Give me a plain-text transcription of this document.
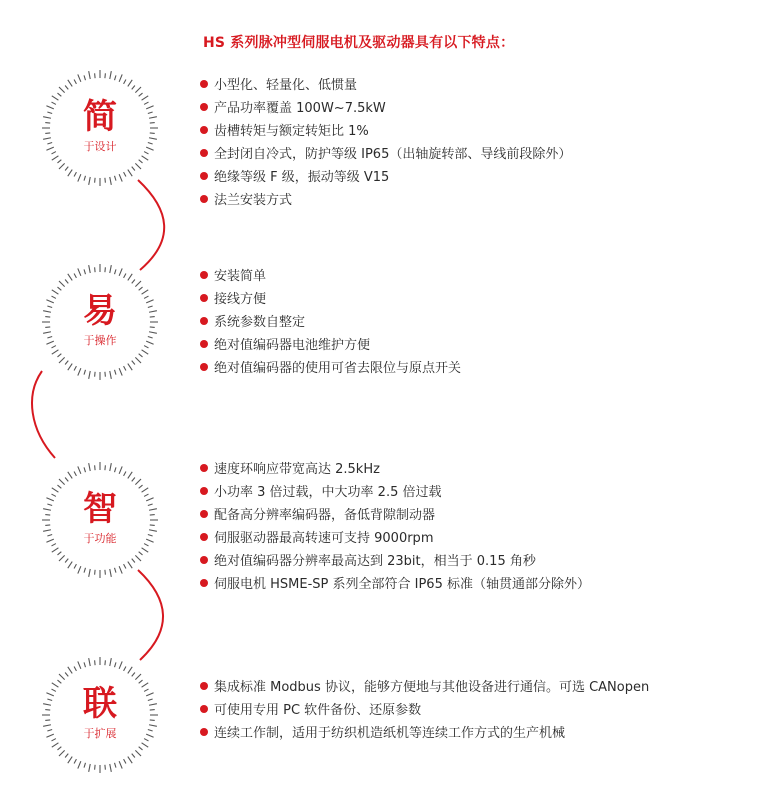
HS 系列脉冲型伺服电机及驱动器具有以下特点：
简
于设计
小型化、轻量化、低惯量
产品功率覆盖 100W~7.5kW
齿槽转矩与额定转矩比 1%
全封闭自冷式，防护等级 IP65（出轴旋转部、导线前段除外）
绝缘等级 F 级，振动等级 V15
法兰安装方式
易
于操作
安装简单
接线方便
系统参数自整定
绝对值编码器电池维护方便
绝对值编码器的使用可省去限位与原点开关
智
于功能
速度环响应带宽高达 2.5kHz
小功率 3 倍过载，中大功率 2.5 倍过载
配备高分辨率编码器，备低背隙制动器
伺服驱动器最高转速可支持 9000rpm
绝对值编码器分辨率最高达到 23bit，相当于 0.15 角秒
伺服电机 HSME-SP 系列全部符合 IP65 标准（轴贯通部分除外）
联
于扩展
集成标准 Modbus 协议，能够方便地与其他设备进行通信。可选 CANopen
可使用专用 PC 软件备份、还原参数
连续工作制，适用于纺织机造纸机等连续工作方式的生产机械
